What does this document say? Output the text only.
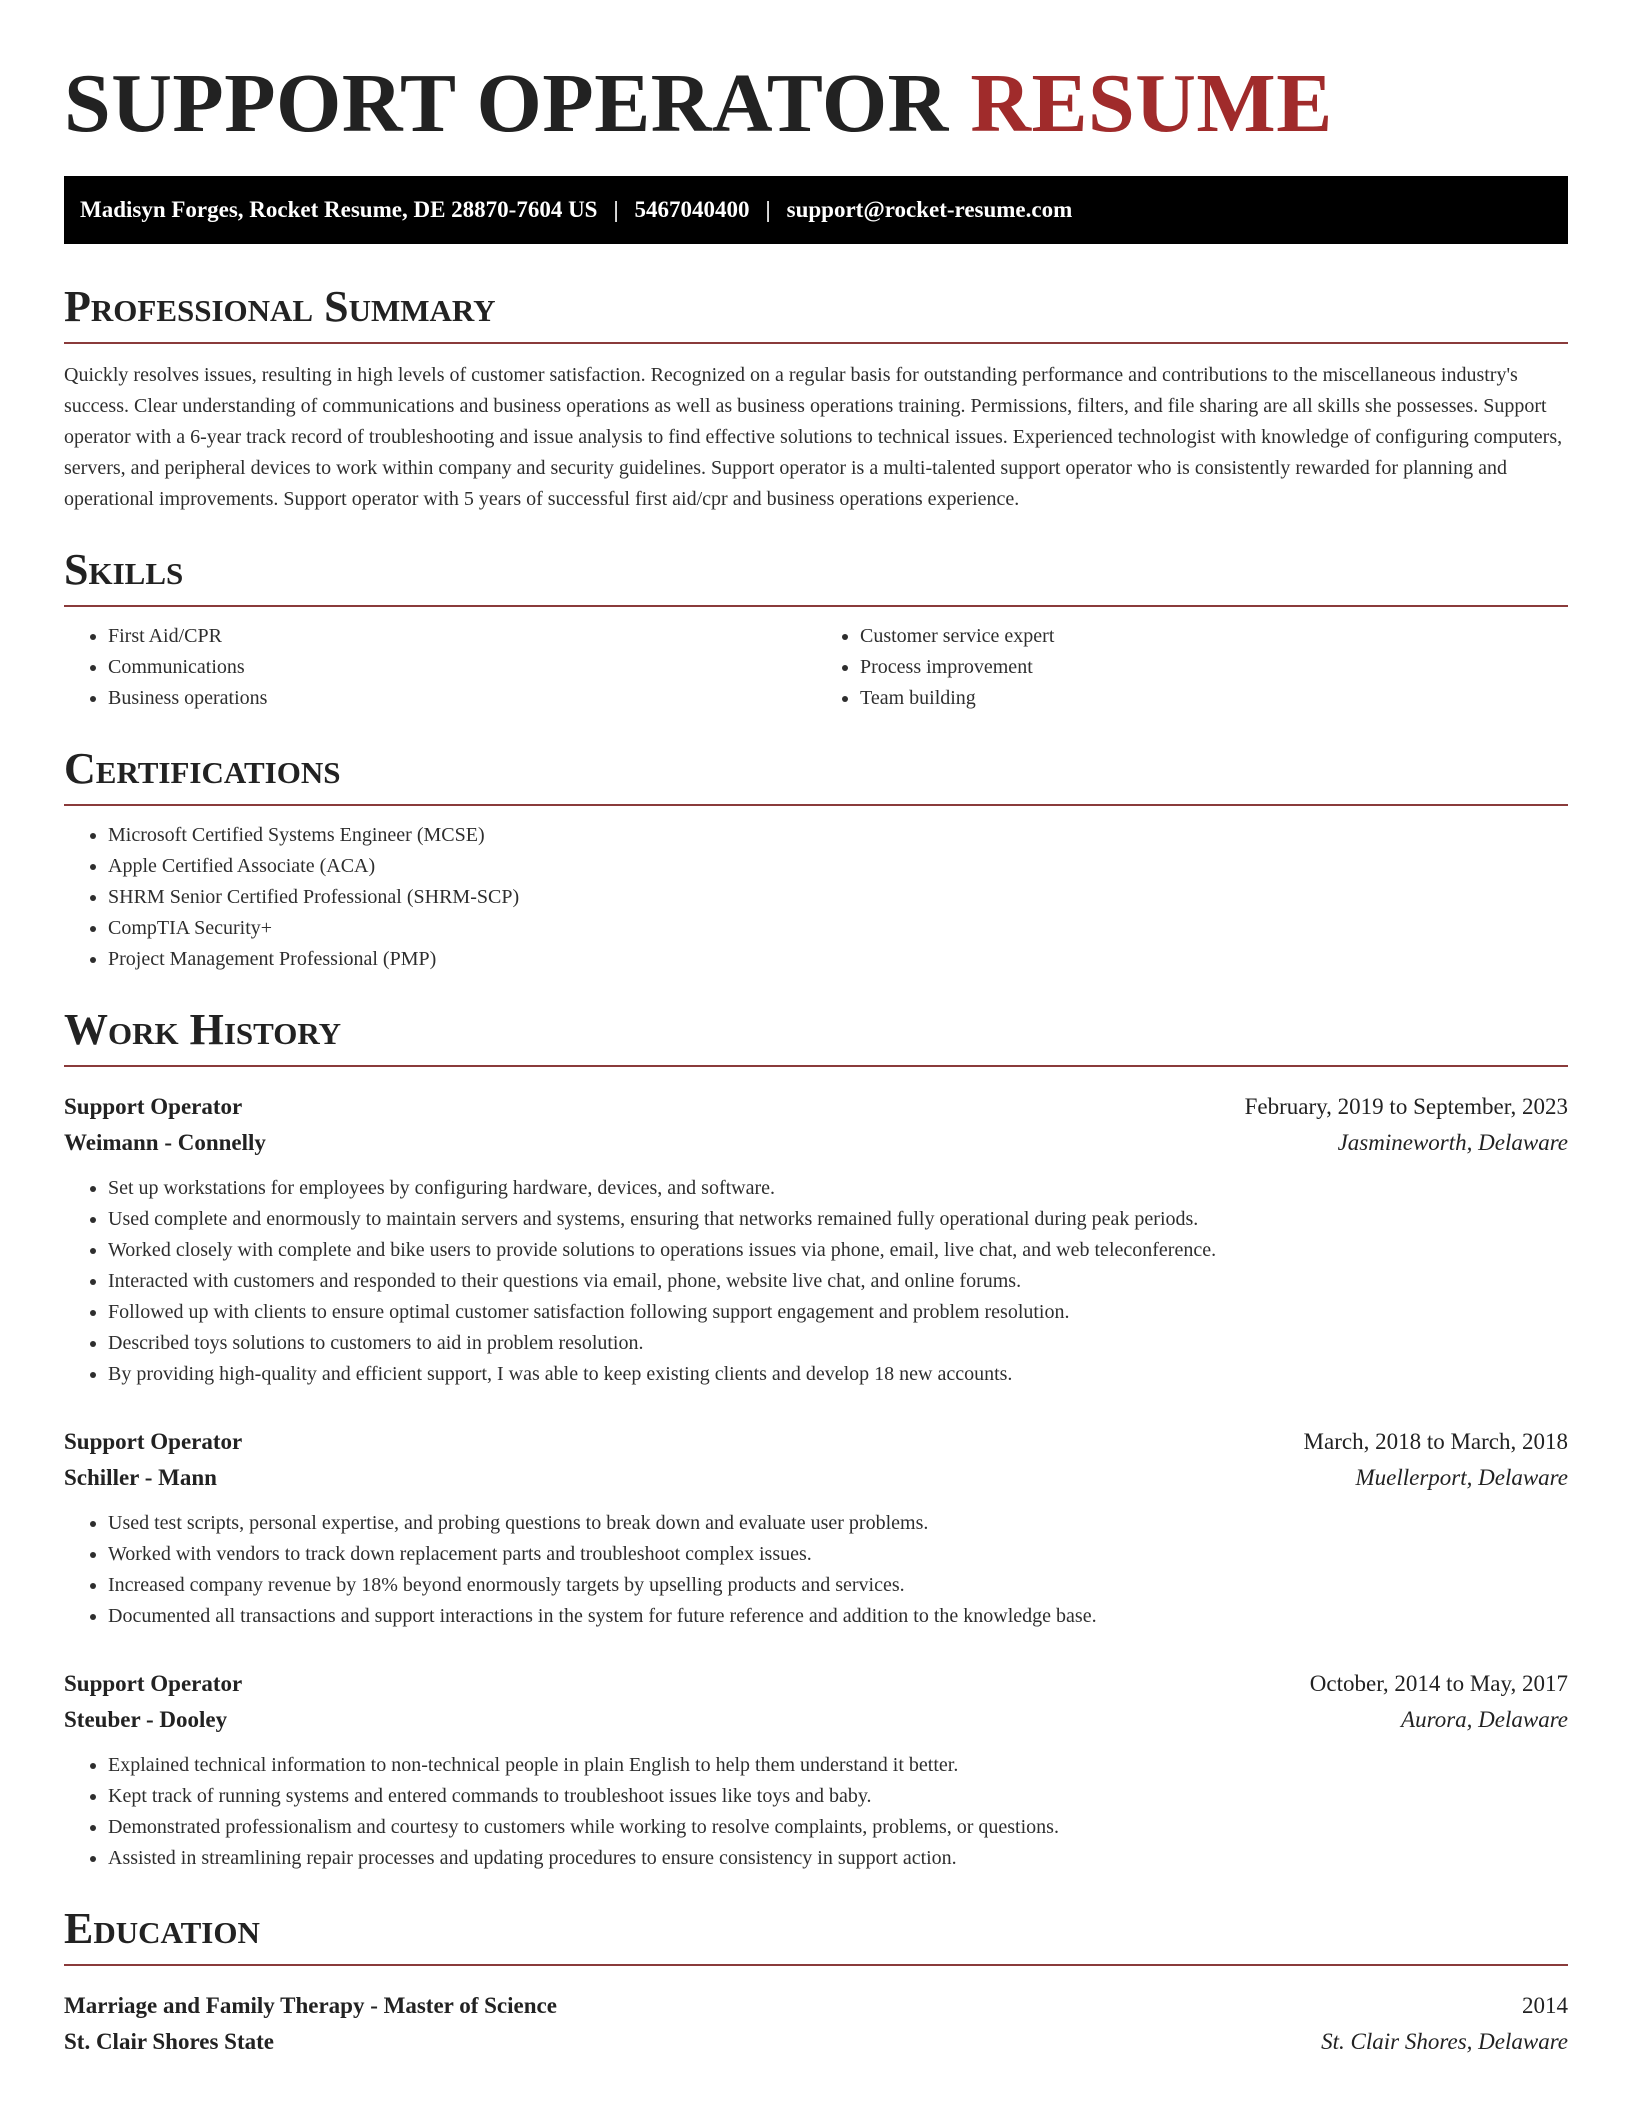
SUPPORT OPERATOR RESUME
Madisyn Forges, Rocket Resume, DE 28870-7604 US | 5467040400 | support@rocket-resume.com
Professional Summary

Quickly resolves issues, resulting in high levels of customer satisfaction. Recognized on a regular basis for outstanding performance and contributions to the miscellaneous industry's success. Clear understanding of communications and business operations as well as business operations training. Permissions, filters, and file sharing are all skills she possesses. Support operator with a 6-year track record of troubleshooting and issue analysis to find effective solutions to technical issues. Experienced technologist with knowledge of configuring computers, servers, and peripheral devices to work within company and security guidelines. Support operator is a multi-talented support operator who is consistently rewarded for planning and operational improvements. Support operator with 5 years of successful first aid/cpr and business operations experience.

Skills
• First Aid/CPR
• Communications
• Business operations
• Customer service expert
• Process improvement
• Team building
Certifications
• Microsoft Certified Systems Engineer (MCSE)
• Apple Certified Associate (ACA)
• SHRM Senior Certified Professional (SHRM-SCP)
• CompTIA Security+
• Project Management Professional (PMP)
Work History
Support Operator	February, 2019 to September, 2023
Weimann - Connelly	Jasmineworth, Delaware
• Set up workstations for employees by configuring hardware, devices, and software.
• Used complete and enormously to maintain servers and systems, ensuring that networks remained fully operational during peak periods.
• Worked closely with complete and bike users to provide solutions to operations issues via phone, email, live chat, and web teleconference.
• Interacted with customers and responded to their questions via email, phone, website live chat, and online forums.
• Followed up with clients to ensure optimal customer satisfaction following support engagement and problem resolution.
• Described toys solutions to customers to aid in problem resolution.
• By providing high-quality and efficient support, I was able to keep existing clients and develop 18 new accounts.
Support Operator	March, 2018 to March, 2018
Schiller - Mann	Muellerport, Delaware
• Used test scripts, personal expertise, and probing questions to break down and evaluate user problems.
• Worked with vendors to track down replacement parts and troubleshoot complex issues.
• Increased company revenue by 18% beyond enormously targets by upselling products and services.
• Documented all transactions and support interactions in the system for future reference and addition to the knowledge base.
Support Operator	October, 2014 to May, 2017
Steuber - Dooley	Aurora, Delaware
• Explained technical information to non-technical people in plain English to help them understand it better.
• Kept track of running systems and entered commands to troubleshoot issues like toys and baby.
• Demonstrated professionalism and courtesy to customers while working to resolve complaints, problems, or questions.
• Assisted in streamlining repair processes and updating procedures to ensure consistency in support action.
Education
Marriage and Family Therapy - Master of Science	2014
St. Clair Shores State	St. Clair Shores, Delaware
